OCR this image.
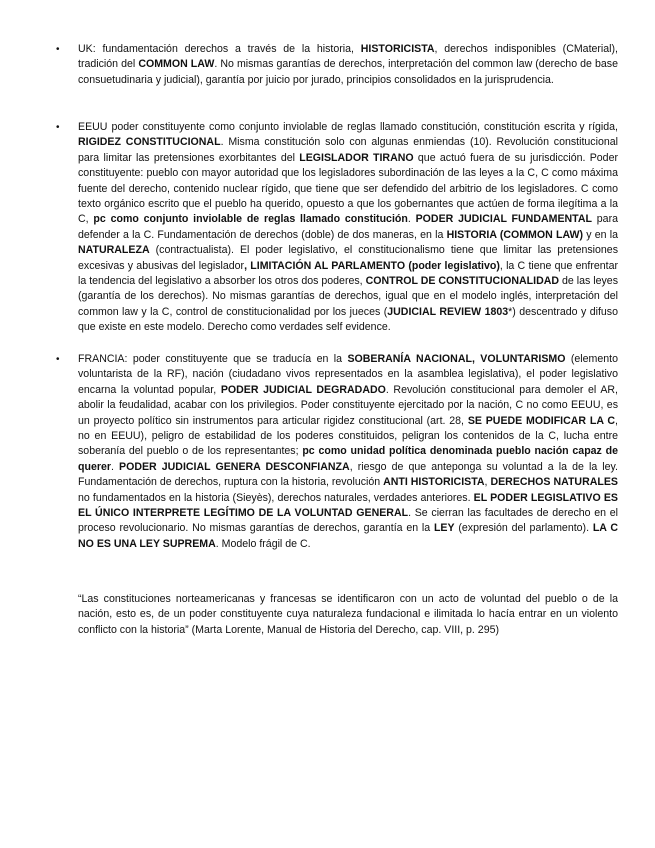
• UK: fundamentación derechos a través de la historia, HISTORICISTA, derechos indisponibles (CMaterial), tradición del COMMON LAW. No mismas garantías de derechos, interpretación del common law (derecho de base consuetudinaria y judicial), garantía por juicio por jurado, principios consolidados en la jurisprudencia.
• EEUU poder constituyente como conjunto inviolable de reglas llamado constitución, constitución escrita y rígida, RIGIDEZ CONSTITUCIONAL. Misma constitución solo con algunas enmiendas (10). Revolución constitucional para limitar las pretensiones exorbitantes del LEGISLADOR TIRANO que actuó fuera de su jurisdicción. Poder constituyente: pueblo con mayor autoridad que los legisladores subordinación de las leyes a la C, C como máxima fuente del derecho, contenido nuclear rígido, que tiene que ser defendido del arbitrio de los legisladores. C como texto orgánico escrito que el pueblo ha querido, opuesto a que los gobernantes que actúen de forma ilegítima a la C, pc como conjunto inviolable de reglas llamado constitución. PODER JUDICIAL FUNDAMENTAL para defender a la C. Fundamentación de derechos (doble) de dos maneras, en la HISTORIA (COMMON LAW) y en la NATURALEZA (contractualista). El poder legislativo, el constitucionalismo tiene que limitar las pretensiones excesivas y abusivas del legislador, LIMITACIÓN AL PARLAMENTO (poder legislativo), la C tiene que enfrentar la tendencia del legislativo a absorber los otros dos poderes, CONTROL DE CONSTITUCIONALIDAD de las leyes (garantía de los derechos). No mismas garantías de derechos, igual que en el modelo inglés, interpretación del common law y la C, control de constitucionalidad por los jueces (JUDICIAL REVIEW 1803*) descentrado y difuso que existe en este modelo. Derecho como verdades self evidence.
• FRANCIA: poder constituyente que se traducía en la SOBERANÍA NACIONAL, VOLUNTARISMO (elemento voluntarista de la RF), nación (ciudadano vivos representados en la asamblea legislativa), el poder legislativo encarna la voluntad popular, PODER JUDICIAL DEGRADADO. Revolución constitucional para demoler el AR, abolir la feudalidad, acabar con los privilegios. Poder constituyente ejercitado por la nación, C no como EEUU, es un proyecto político sin instrumentos para articular rigidez constitucional (art. 28, SE PUEDE MODIFICAR LA C, no en EEUU), peligro de estabilidad de los poderes constituidos, peligran los contenidos de la C, lucha entre soberanía del pueblo o de los representantes; pc como unidad política denominada pueblo nación capaz de querer. PODER JUDICIAL GENERA DESCONFIANZA, riesgo de que anteponga su voluntad a la de la ley. Fundamentación de derechos, ruptura con la historia, revolución ANTI HISTORICISTA, DERECHOS NATURALES no fundamentados en la historia (Sieyès), derechos naturales, verdades anteriores. EL PODER LEGISLATIVO ES EL ÚNICO INTERPRETE LEGÍTIMO DE LA VOLUNTAD GENERAL. Se cierran las facultades de derecho en el proceso revolucionario. No mismas garantías de derechos, garantía en la LEY (expresión del parlamento). LA C NO ES UNA LEY SUPREMA. Modelo frágil de C.
“Las constituciones norteamericanas y francesas se identificaron con un acto de voluntad del pueblo o de la nación, esto es, de un poder constituyente cuya naturaleza fundacional e ilimitada lo hacía entrar en un violento conflicto con la historia” (Marta Lorente, Manual de Historia del Derecho, cap. VIII, p. 295)
